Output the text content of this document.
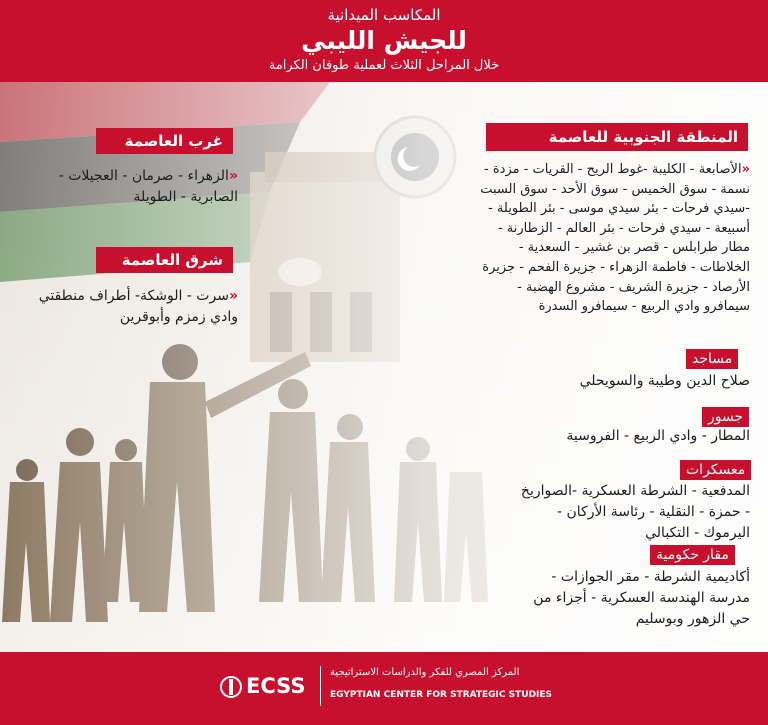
المكاسب الميدانية
للجيش الليبي
خلال المراحل الثلاث لعملية طوفان الكرامة
غرب العاصمة
«الزهراء - صرمان - العجيلات - الصابرية - الطويلة
شرق العاصمة
«سرت - الوشكة- أطراف منطقتي وادي زمزم وأبوقرين
المنطقة الجنوبية للعاصمة
«الأصابعة - الكليبة -غوط الريح - القريات - مزدة - نسمة - سوق الخميس - سوق الأحد - سوق السبت -سيدي فرحات - بئر سيدي موسى - بئر الطويلة - أسبيعة - سيدي فرحات - بئر العالم - الزطارنة - مطار طرابلس - قصر بن غشير - السعدية - الخلاطات - فاطمة الزهراء - جزيرة الفحم - جزيرة الأرصاد - جزيرة الشريف - مشروع الهضبة - سيمافرو وادي الربيع - سيمافرو السدرة
مساجد
صلاح الدين وطيبة والسويحلي
جسور
المطار - وادي الربيع - الفروسية
معسكرات
المدفعية - الشرطة العسكرية -الصواريخ - حمزة - النقلية - رئاسة الأركان - اليرموك - التكبالي
مقار حكومية
أكاديمية الشرطة - مقر الجوازات - مدرسة الهندسة العسكرية - أجزاء من حي الزهور وبوسليم
ECSS
المركز المصري للفكر والدراسات الاستراتيجية
EGYPTIAN CENTER FOR STRATEGIC STUDIES
